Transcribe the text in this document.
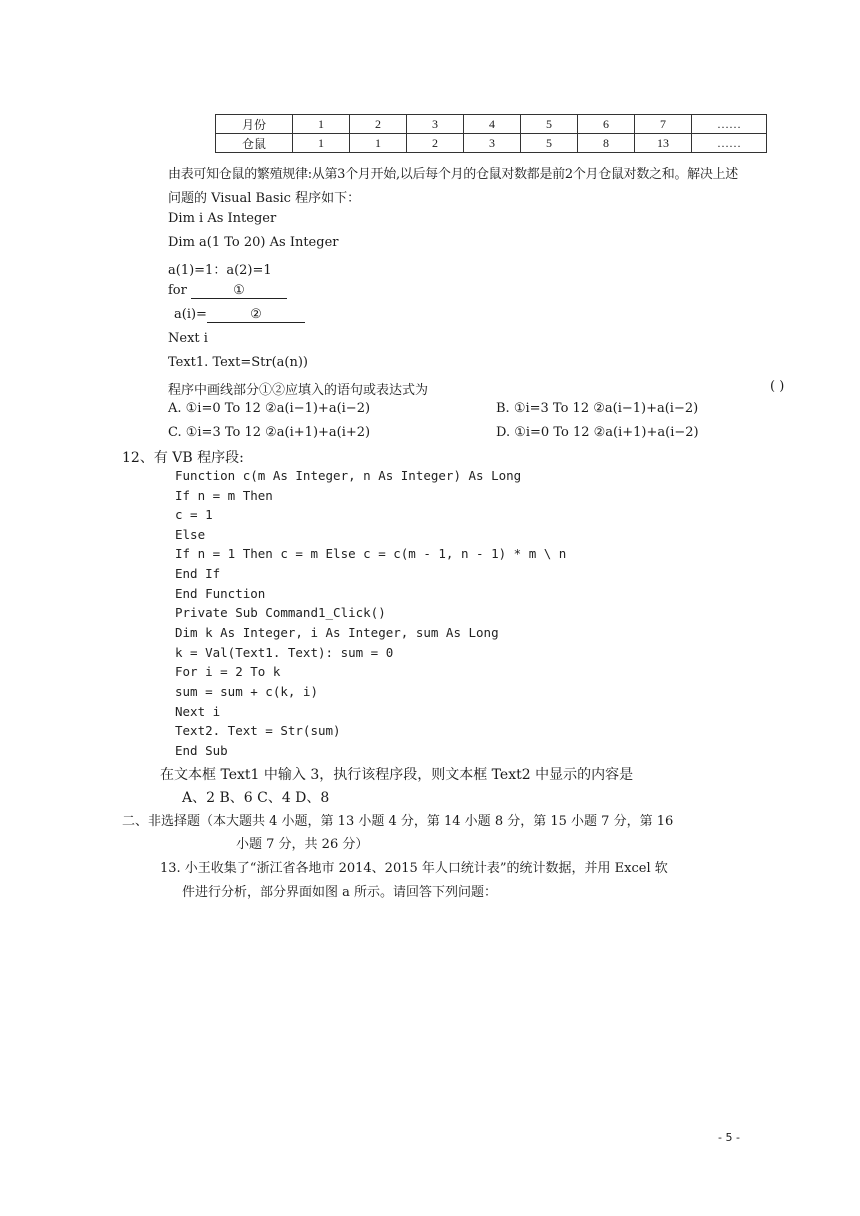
月份	1	2	3	4	5	6	7	……
仓鼠	1	1	2	3	5	8	13	……
由表可知仓鼠的繁殖规律:从第3个月开始,以后每个月的仓鼠对数都是前2个月仓鼠对数之和。解决上述
问题的 Visual Basic 程序如下：
Dim i As Integer
Dim a(1 To 20) As Integer
a(1)=1：a(2)=1
for	①
a(i)=	②
Next i
Text1. Text=Str(a(n))
程序中画线部分①②应填入的语句或表达式为	( )
A. ①i=0 To 12 ②a(i−1)+a(i−2)	B. ①i=3 To 12 ②a(i−1)+a(i−2)
C. ①i=3 To 12 ②a(i+1)+a(i+2)	D. ①i=0 To 12 ②a(i+1)+a(i−2)
12、有 VB 程序段:
Function c(m As Integer, n As Integer) As Long
If n = m Then
c = 1
Else
If n = 1 Then c = m Else c = c(m - 1, n - 1) * m \ n
End If
End Function
Private Sub Command1_Click()
Dim k As Integer, i As Integer, sum As Long
k = Val(Text1. Text): sum = 0
For i = 2 To k
sum = sum + c(k, i)
Next i
Text2. Text = Str(sum)
End Sub
在文本框 Text1 中输入 3，执行该程序段，则文本框 Text2 中显示的内容是
A、2 B、6 C、4 D、8
二、非选择题（本大题共 4 小题，第 13 小题 4 分，第 14 小题 8 分，第 15 小题 7 分，第 16
小题 7 分，共 26 分）
13. 小王收集了“浙江省各地市 2014、2015 年人口统计表”的统计数据，并用 Excel 软
件进行分析，部分界面如图 a 所示。请回答下列问题：
- 5 -
